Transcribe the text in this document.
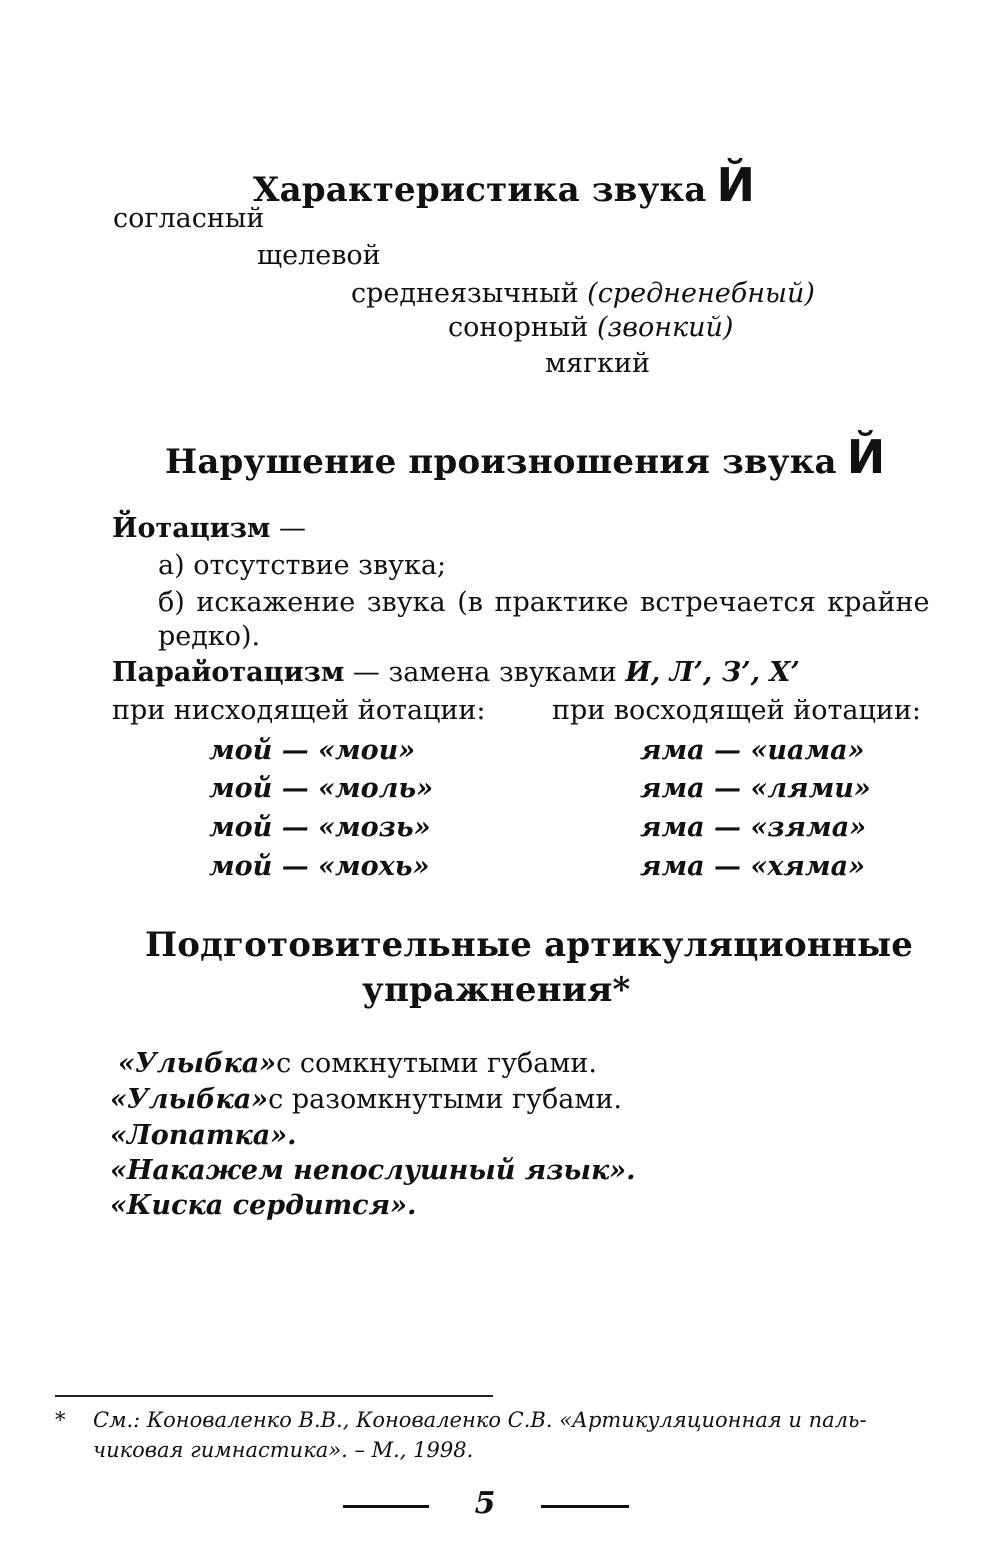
Характеристика звука Й
согласный
щелевой
среднеязычный (средненебный)
сонорный (звонкий)
мягкий
Нарушение произношения звука Й
Йотацизм —
а) отсутствие звука;
б) искажение звука (в практике встречается крайне
редко).
Парайотацизм — замена звуками И, Л’, З’, Х’
при нисходящей йотации: при восходящей йотации:
мой — «мои»
мой — «моль»
мой — «мозь»
мой — «мохь»
яма — «иама»
яма — «лями»
яма — «зяма»
яма — «хяма»
Подготовительные артикуляционные
упражнения*
«Улыбка»с сомкнутыми губами.
«Улыбка»с разомкнутыми губами.
«Лопатка».
«Накажем непослушный язык».
«Киска сердится».
* См.: Коноваленко В.В., Коноваленко С.В. «Артикуляционная и паль-
чиковая гимнастика». – М., 1998.
5
